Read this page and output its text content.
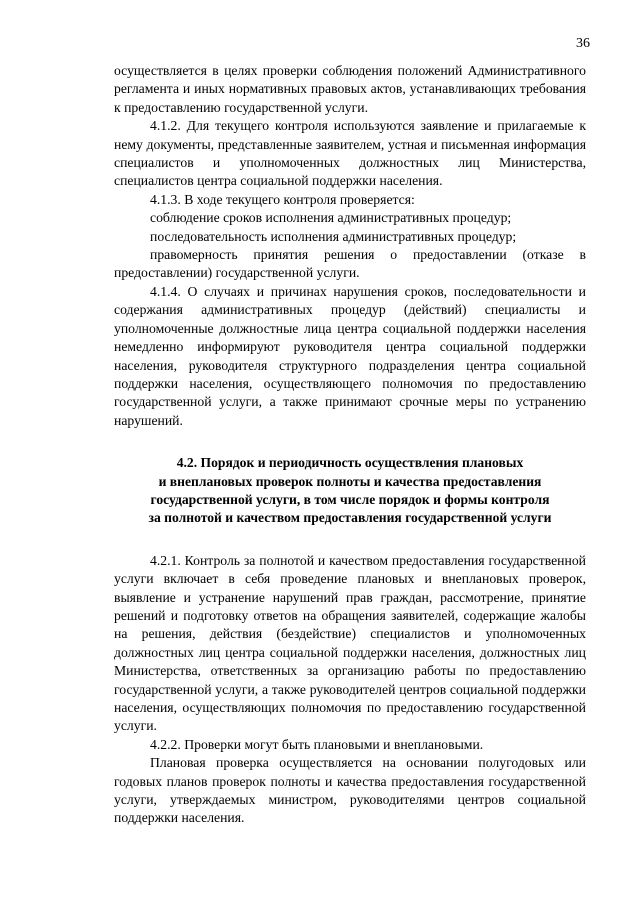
36

осуществляется в целях проверки соблюдения положений Административного регламента и иных нормативных правовых актов, устанавливающих требования к предоставлению государственной услуги.

4.1.2. Для текущего контроля используются заявление и прилагаемые к нему документы, представленные заявителем, устная и письменная информация специалистов и уполномоченных должностных лиц Министерства, специалистов центра социальной поддержки населения.

4.1.3. В ходе текущего контроля проверяется:

соблюдение сроков исполнения административных процедур;

последовательность исполнения административных процедур;

правомерность принятия решения о предоставлении (отказе в предоставлении) государственной услуги.

4.1.4. О случаях и причинах нарушения сроков, последовательности и содержания административных процедур (действий) специалисты и уполномоченные должностные лица центра социальной поддержки населения немедленно информируют руководителя центра социальной поддержки населения, руководителя структурного подразделения центра социальной поддержки населения, осуществляющего полномочия по предоставлению государственной услуги, а также принимают срочные меры по устранению нарушений.

4.2. Порядок и периодичность осуществления плановых
и внеплановых проверок полноты и качества предоставления
государственной услуги, в том числе порядок и формы контроля
за полнотой и качеством предоставления государственной услуги

4.2.1. Контроль за полнотой и качеством предоставления государственной услуги включает в себя проведение плановых и внеплановых проверок, выявление и устранение нарушений прав граждан, рассмотрение, принятие решений и подготовку ответов на обращения заявителей, содержащие жалобы на решения, действия (бездействие) специалистов и уполномоченных должностных лиц центра социальной поддержки населения, должностных лиц Министерства, ответственных за организацию работы по предоставлению государственной услуги, а также руководителей центров социальной поддержки населения, осуществляющих полномочия по предоставлению государственной услуги.

4.2.2. Проверки могут быть плановыми и внеплановыми.

Плановая проверка осуществляется на основании полугодовых или годовых планов проверок полноты и качества предоставления государственной услуги, утверждаемых министром, руководителями центров социальной поддержки населения.
